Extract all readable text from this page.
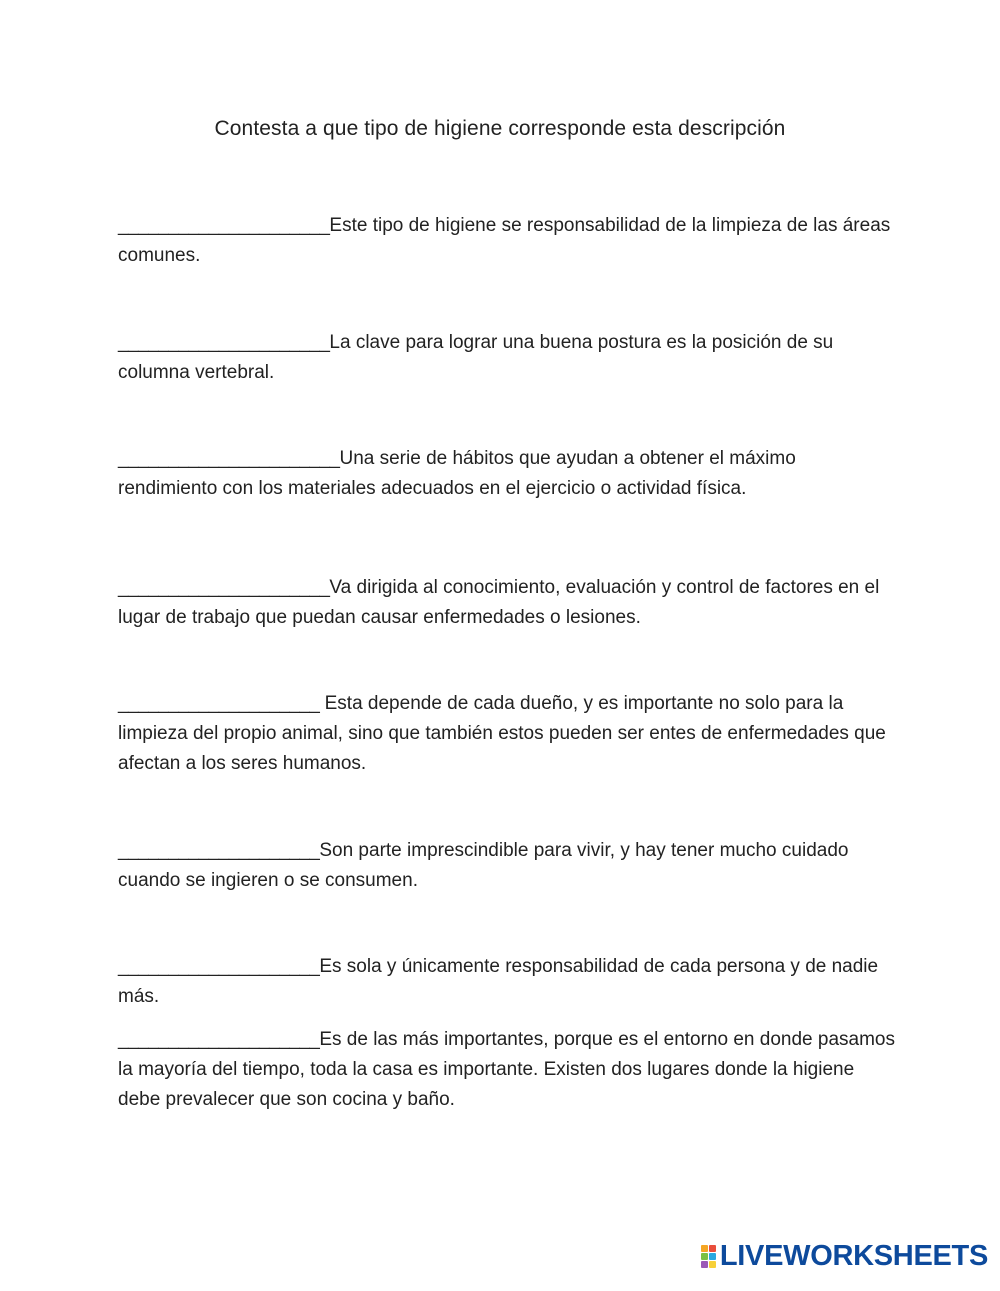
Contesta a que tipo de higiene corresponde esta descripción
_____________________Este tipo de higiene se responsabilidad de la limpieza de las áreas comunes.
_____________________La clave para lograr una buena postura es la posición de su columna vertebral.
______________________Una serie de hábitos que ayudan a obtener el máximo rendimiento con los materiales adecuados en el ejercicio o actividad física.
_____________________Va dirigida al conocimiento, evaluación y control de factores en el lugar de trabajo que puedan causar enfermedades o lesiones.
____________________ Esta depende de cada dueño, y es importante no solo para la limpieza del propio animal, sino que también estos pueden ser entes de enfermedades que afectan a los seres humanos.
____________________Son parte imprescindible para vivir, y hay tener mucho cuidado cuando se ingieren o se consumen.
____________________Es sola y únicamente responsabilidad de cada persona y de nadie más.
____________________Es de las más importantes, porque es el entorno en donde pasamos la mayoría del tiempo, toda la casa es importante. Existen dos lugares donde la higiene debe prevalecer que son cocina y baño.
LIVEWORKSHEETS
